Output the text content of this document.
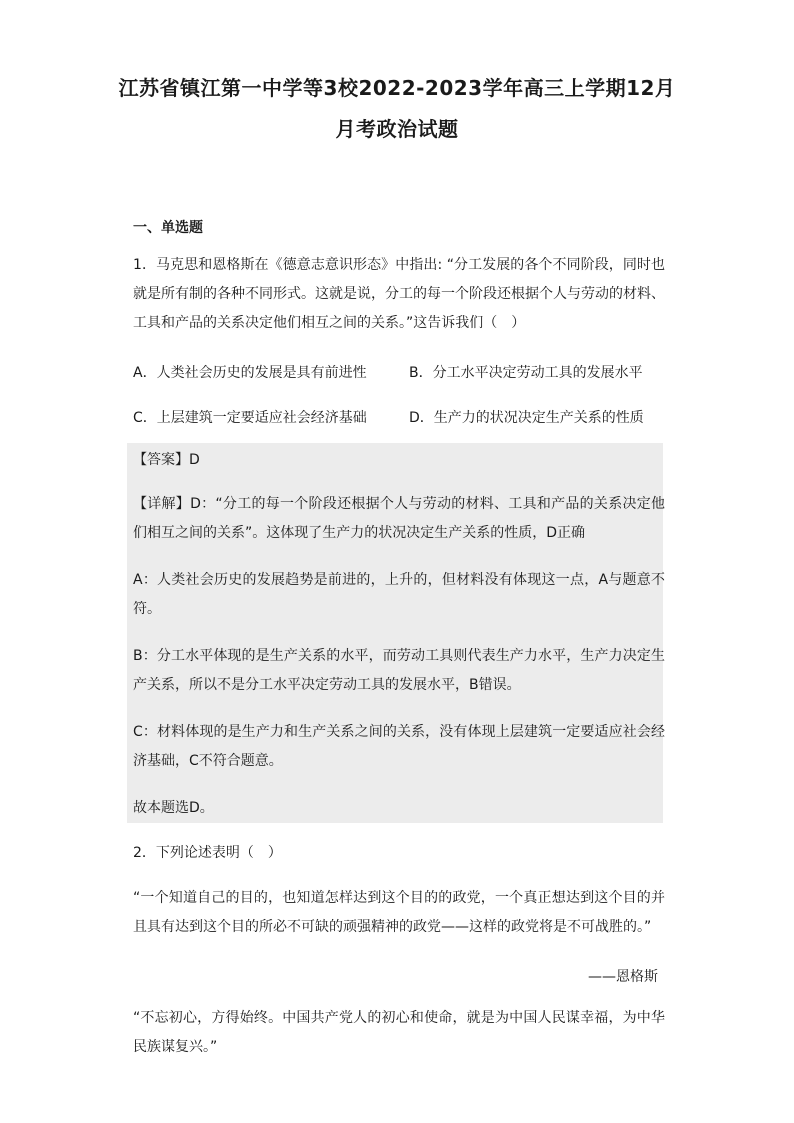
江苏省镇江第一中学等3校2022-2023学年高三上学期12月
月考政治试题
一、单选题
1．马克思和恩格斯在《德意志意识形态》中指出: “分工发展的各个不同阶段，同时也就是所有制的各种不同形式。这就是说，分工的每一个阶段还根据个人与劳动的材料、工具和产品的关系决定他们相互之间的关系。”这告诉我们（　）
A．人类社会历史的发展是具有前进性	B．分工水平决定劳动工具的发展水平
C．上层建筑一定要适应社会经济基础	D．生产力的状况决定生产关系的性质
【答案】D
【详解】D：“分工的每一个阶段还根据个人与劳动的材料、工具和产品的关系决定他们相互之间的关系”。这体现了生产力的状况决定生产关系的性质，D正确
A：人类社会历史的发展趋势是前进的，上升的，但材料没有体现这一点，A与题意不符。
B：分工水平体现的是生产关系的水平，而劳动工具则代表生产力水平，生产力决定生产关系，所以不是分工水平决定劳动工具的发展水平，B错误。
C：材料体现的是生产力和生产关系之间的关系，没有体现上层建筑一定要适应社会经济基础，C不符合题意。
故本题选D。
2．下列论述表明（　）
“一个知道自己的目的，也知道怎样达到这个目的的政党，一个真正想达到这个目的并且具有达到这个目的所必不可缺的顽强精神的政党——这样的政党将是不可战胜的。”
——恩格斯
“不忘初心，方得始终。中国共产党人的初心和使命，就是为中国人民谋幸福，为中华民族谋复兴。”
